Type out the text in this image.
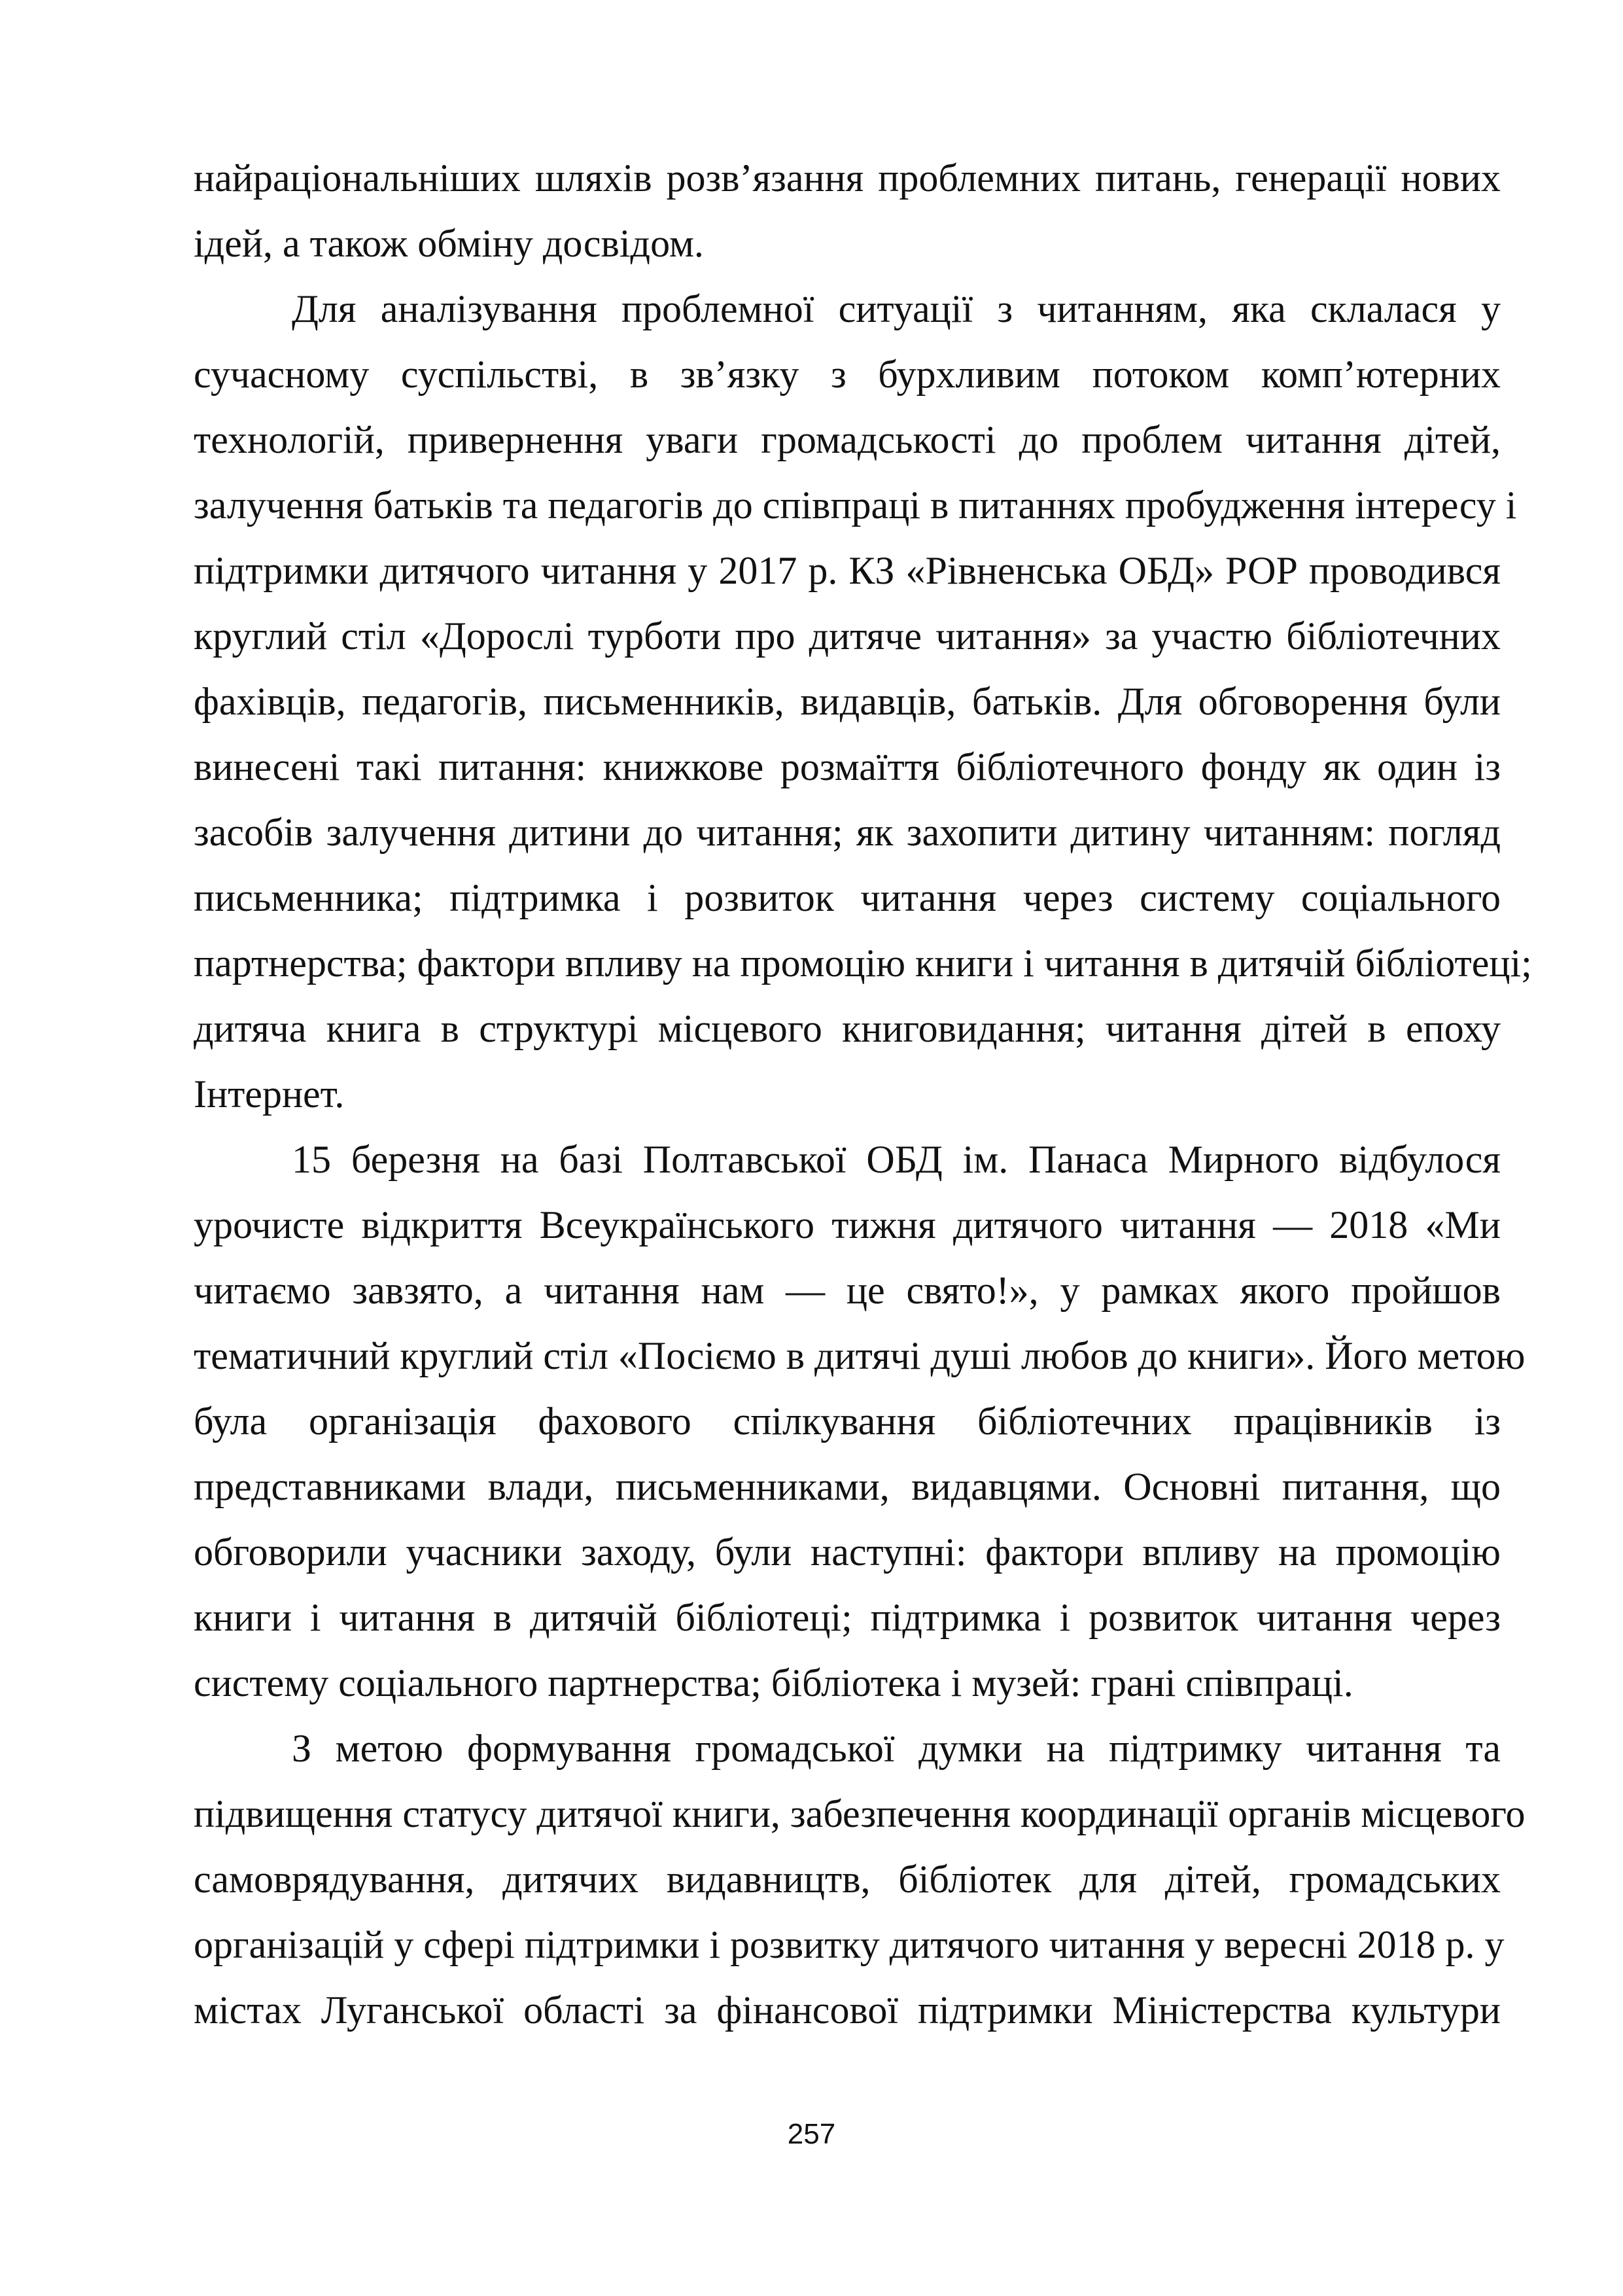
найраціональніших шляхів розв’язання проблемних питань, генерації нових
ідей, а також обміну досвідом.
Для аналізування проблемної ситуації з читанням, яка склалася у
сучасному суспільстві, в зв’язку з бурхливим потоком комп’ютерних
технологій, привернення уваги громадськості до проблем читання дітей,
залучення батьків та педагогів до співпраці в питаннях пробудження інтересу і
підтримки дитячого читання у 2017 р. КЗ «Рівненська ОБД» РОР проводився
круглий стіл «Дорослі турботи про дитяче читання» за участю бібліотечних
фахівців, педагогів, письменників, видавців, батьків. Для обговорення були
винесені такі питання: книжкове розмаїття бібліотечного фонду як один із
засобів залучення дитини до читання; як захопити дитину читанням: погляд
письменника; підтримка і розвиток читання через систему соціального
партнерства; фактори впливу на промоцію книги і читання в дитячій бібліотеці;
дитяча книга в структурі місцевого книговидання; читання дітей в епоху
Інтернет.
15 березня на базі Полтавської ОБД ім. Панаса Мирного відбулося
урочисте відкриття Всеукраїнського тижня дитячого читання — 2018 «Ми
читаємо завзято, а читання нам — це свято!», у рамках якого пройшов
тематичний круглий стіл «Посіємо в дитячі душі любов до книги». Його метою
була організація фахового спілкування бібліотечних працівників із
представниками влади, письменниками, видавцями. Основні питання, що
обговорили учасники заходу, були наступні: фактори впливу на промоцію
книги і читання в дитячій бібліотеці; підтримка і розвиток читання через
систему соціального партнерства; бібліотека і музей: грані співпраці.
З метою формування громадської думки на підтримку читання та
підвищення статусу дитячої книги, забезпечення координації органів місцевого
самоврядування, дитячих видавництв, бібліотек для дітей, громадських
організацій у сфері підтримки і розвитку дитячого читання у вересні 2018 р. у
містах Луганської області за фінансової підтримки Міністерства культури
257
